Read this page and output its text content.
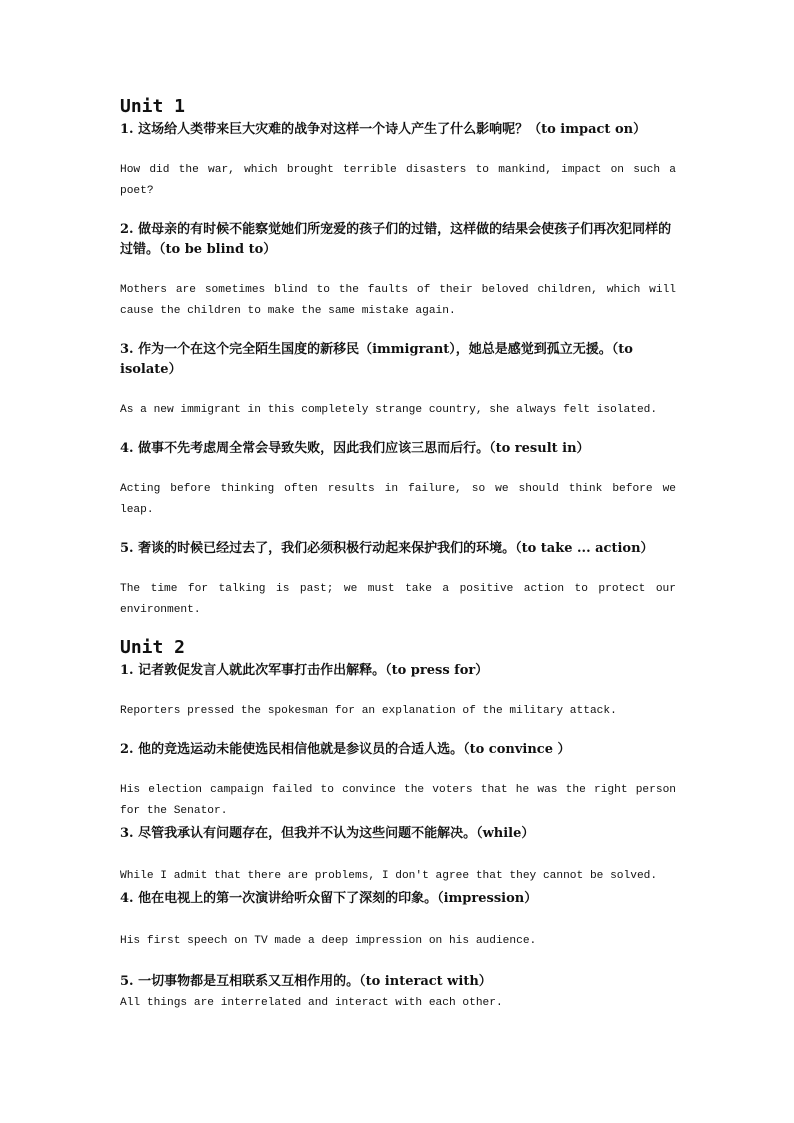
Unit 1

1. 这场给人类带来巨大灾难的战争对这样一个诗人产生了什么影响呢？（to impact on）

How did the war, which brought terrible disasters to mankind, impact on such a poet?

2. 做母亲的有时候不能察觉她们所宠爱的孩子们的过错，这样做的结果会使孩子们再次犯同样的过错。（to be blind to）

Mothers are sometimes blind to the faults of their beloved children, which will cause the children to make the same mistake again.

3. 作为一个在这个完全陌生国度的新移民（immigrant），她总是感觉到孤立无援。（to isolate）

As a new immigrant in this completely strange country, she always felt isolated.

4. 做事不先考虑周全常会导致失败，因此我们应该三思而后行。（to result in）

Acting before thinking often results in failure, so we should think before we leap.

5. 奢谈的时候已经过去了，我们必须积极行动起来保护我们的环境。（to take ... action）

The time for talking is past; we must take a positive action to protect our environment.

Unit 2

1. 记者敦促发言人就此次军事打击作出解释。（to press for）

Reporters pressed the spokesman for an explanation of the military attack.

2. 他的竞选运动未能使选民相信他就是参议员的合适人选。（to convince ）

His election campaign failed to convince the voters that he was the right person for the Senator.

3. 尽管我承认有问题存在，但我并不认为这些问题不能解决。（while）

While I admit that there are problems, I don't agree that they cannot be solved.

4. 他在电视上的第一次演讲给听众留下了深刻的印象。（impression）

His first speech on TV made a deep impression on his audience.

5. 一切事物都是互相联系又互相作用的。（to interact with）

All things are interrelated and interact with each other.
